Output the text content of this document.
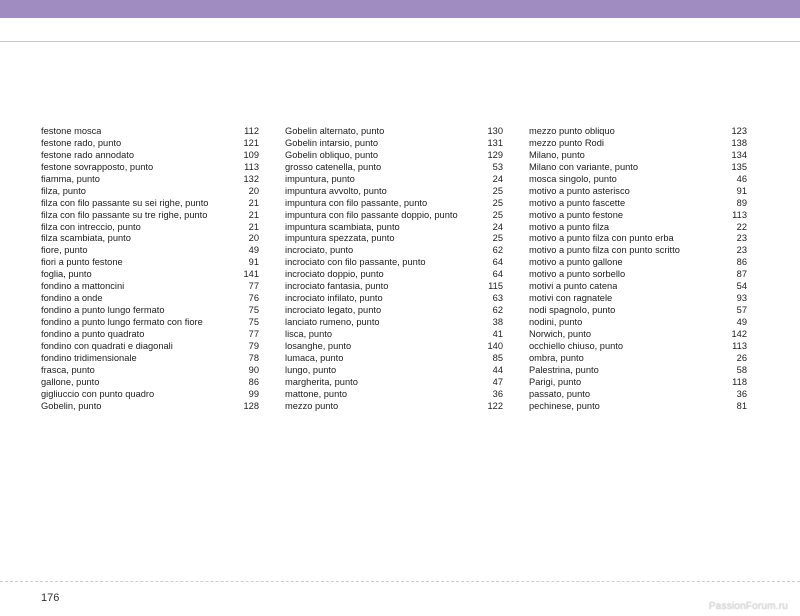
festone mosca	112
festone rado, punto	121
festone rado annodato	109
festone sovrapposto, punto	113
fiamma, punto	132
filza, punto	20
filza con filo passante su sei righe, punto	21
filza con filo passante su tre righe, punto	21
filza con intreccio, punto	21
filza scambiata, punto	20
fiore, punto	49
fiori a punto festone	91
foglia, punto	141
fondino a mattoncini	77
fondino a onde	76
fondino a punto lungo fermato	75
fondino a punto lungo fermato con fiore	75
fondino a punto quadrato	77
fondino con quadrati e diagonali	79
fondino tridimensionale	78
frasca, punto	90
gallone, punto	86
gigliuccio con punto quadro	99
Gobelin, punto	128
Gobelin alternato, punto	130
Gobelin intarsio, punto	131
Gobelin obliquo, punto	129
grosso catenella, punto	53
impuntura, punto	24
impuntura avvolto, punto	25
impuntura con filo passante, punto	25
impuntura con filo passante doppio, punto	25
impuntura scambiata, punto	24
impuntura spezzata, punto	25
incrociato, punto	62
incrociato con filo passante, punto	64
incrociato doppio, punto	64
incrociato fantasia, punto	115
incrociato infilato, punto	63
incrociato legato, punto	62
lanciato rumeno, punto	38
lisca, punto	41
losanghe, punto	140
lumaca, punto	85
lungo, punto	44
margherita, punto	47
mattone, punto	36
mezzo punto	122
mezzo punto obliquo	123
mezzo punto Rodi	138
Milano, punto	134
Milano con variante, punto	135
mosca singolo, punto	46
motivo a punto asterisco	91
motivo a punto fascette	89
motivo a punto festone	113
motivo a punto filza	22
motivo a punto filza con punto erba	23
motivo a punto filza con punto scritto	23
motivo a punto gallone	86
motivo a punto sorbello	87
motivi a punto catena	54
motivi con ragnatele	93
nodi spagnolo, punto	57
nodini, punto	49
Norwich, punto	142
occhiello chiuso, punto	113
ombra, punto	26
Palestrina, punto	58
Parigi, punto	118
passato, punto	36
pechinese, punto	81
176
PassionForum.ru
